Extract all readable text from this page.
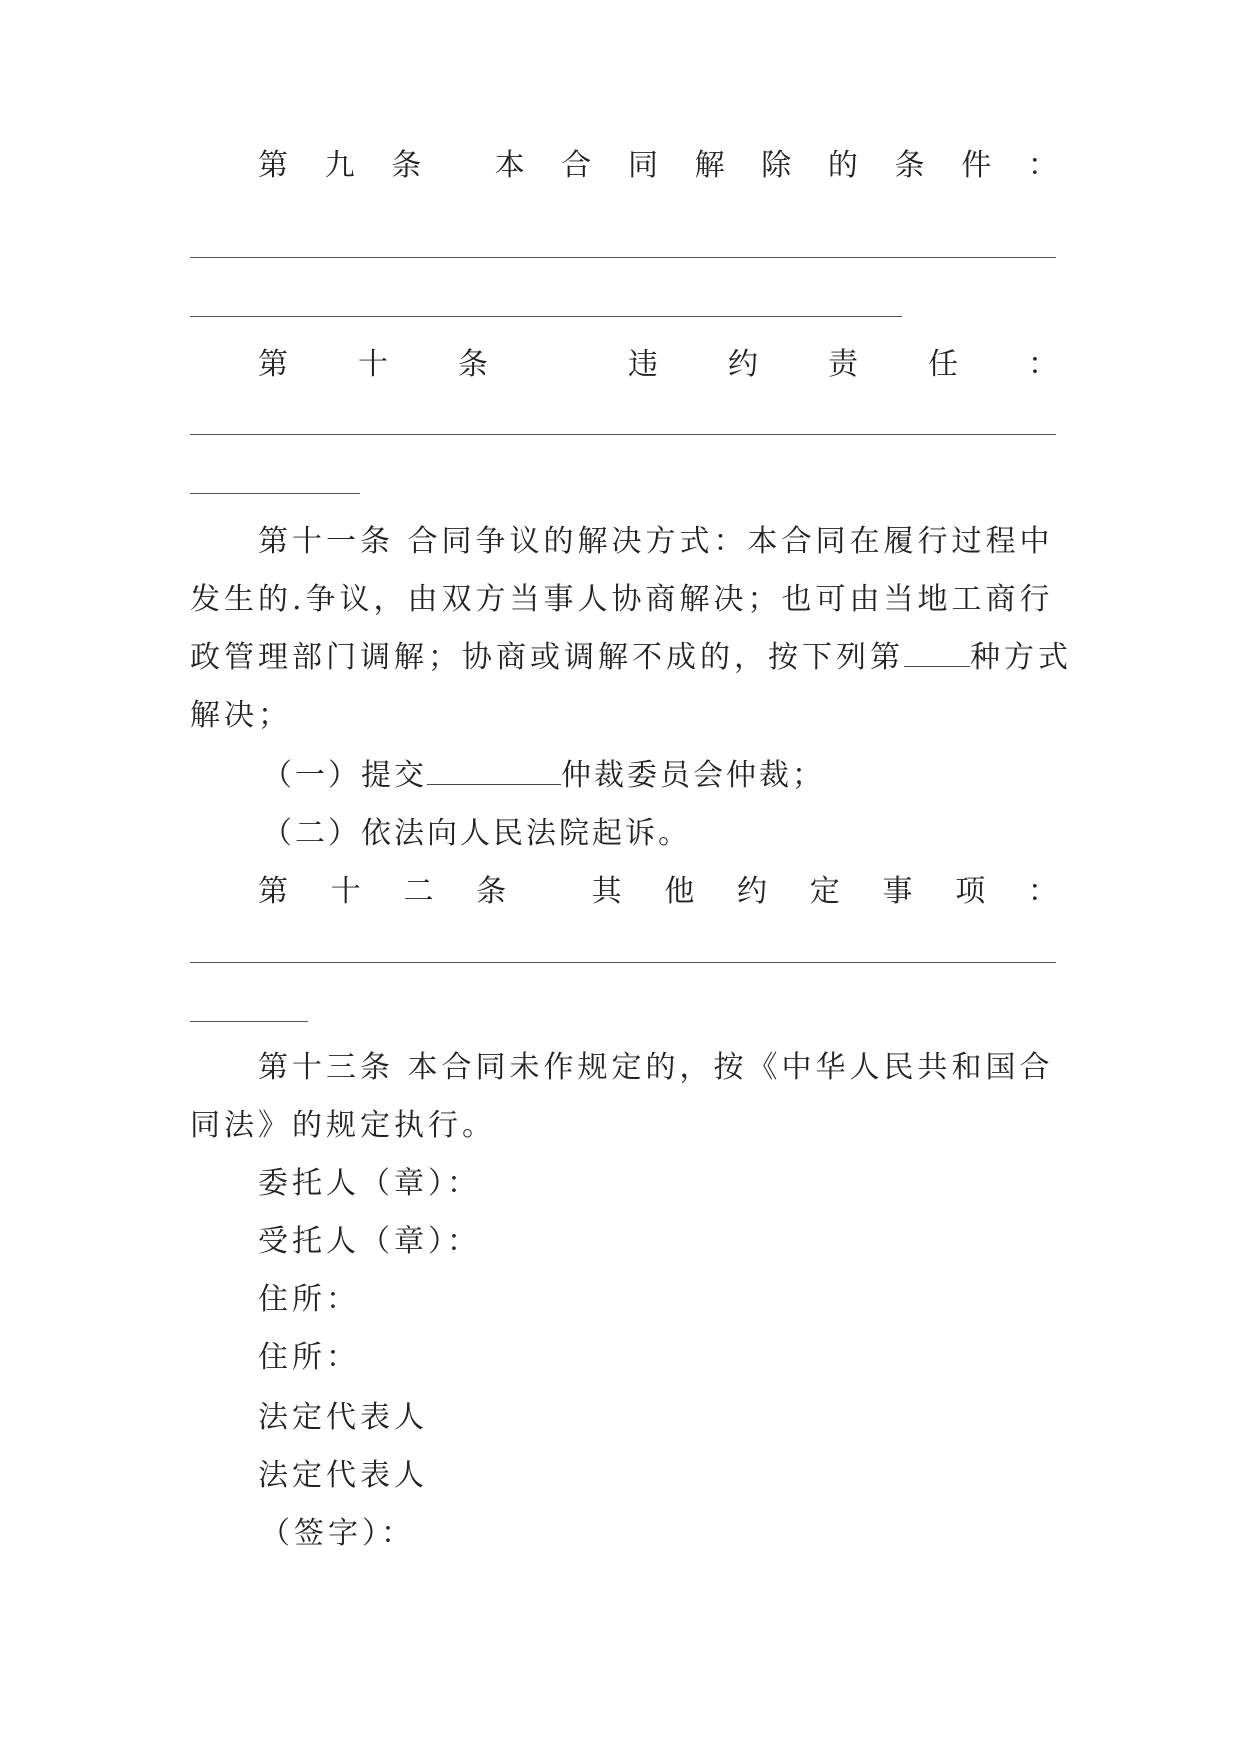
第 九 条 本 合 同 解 除 的 条 件 ：
第 十 条	违 约 责 任 ：
第十一条 合同争议的解决方式：本合同在履行过程中
发生的.争议，由双方当事人协商解决；也可由当地工商行
政管理部门调解；协商或调解不成的，按下列第 种方式
解决；
（一）提交	仲裁委员会仲裁；
（二）依法向人民法院起诉。
第 十 二 条	其 他 约 定 事 项 ：
第十三条 本合同未作规定的，按《中华人民共和国合
同法》的规定执行。
委托人（章）：
受托人（章）：
住所：
住所：
法定代表人
法定代表人
（签字）：
